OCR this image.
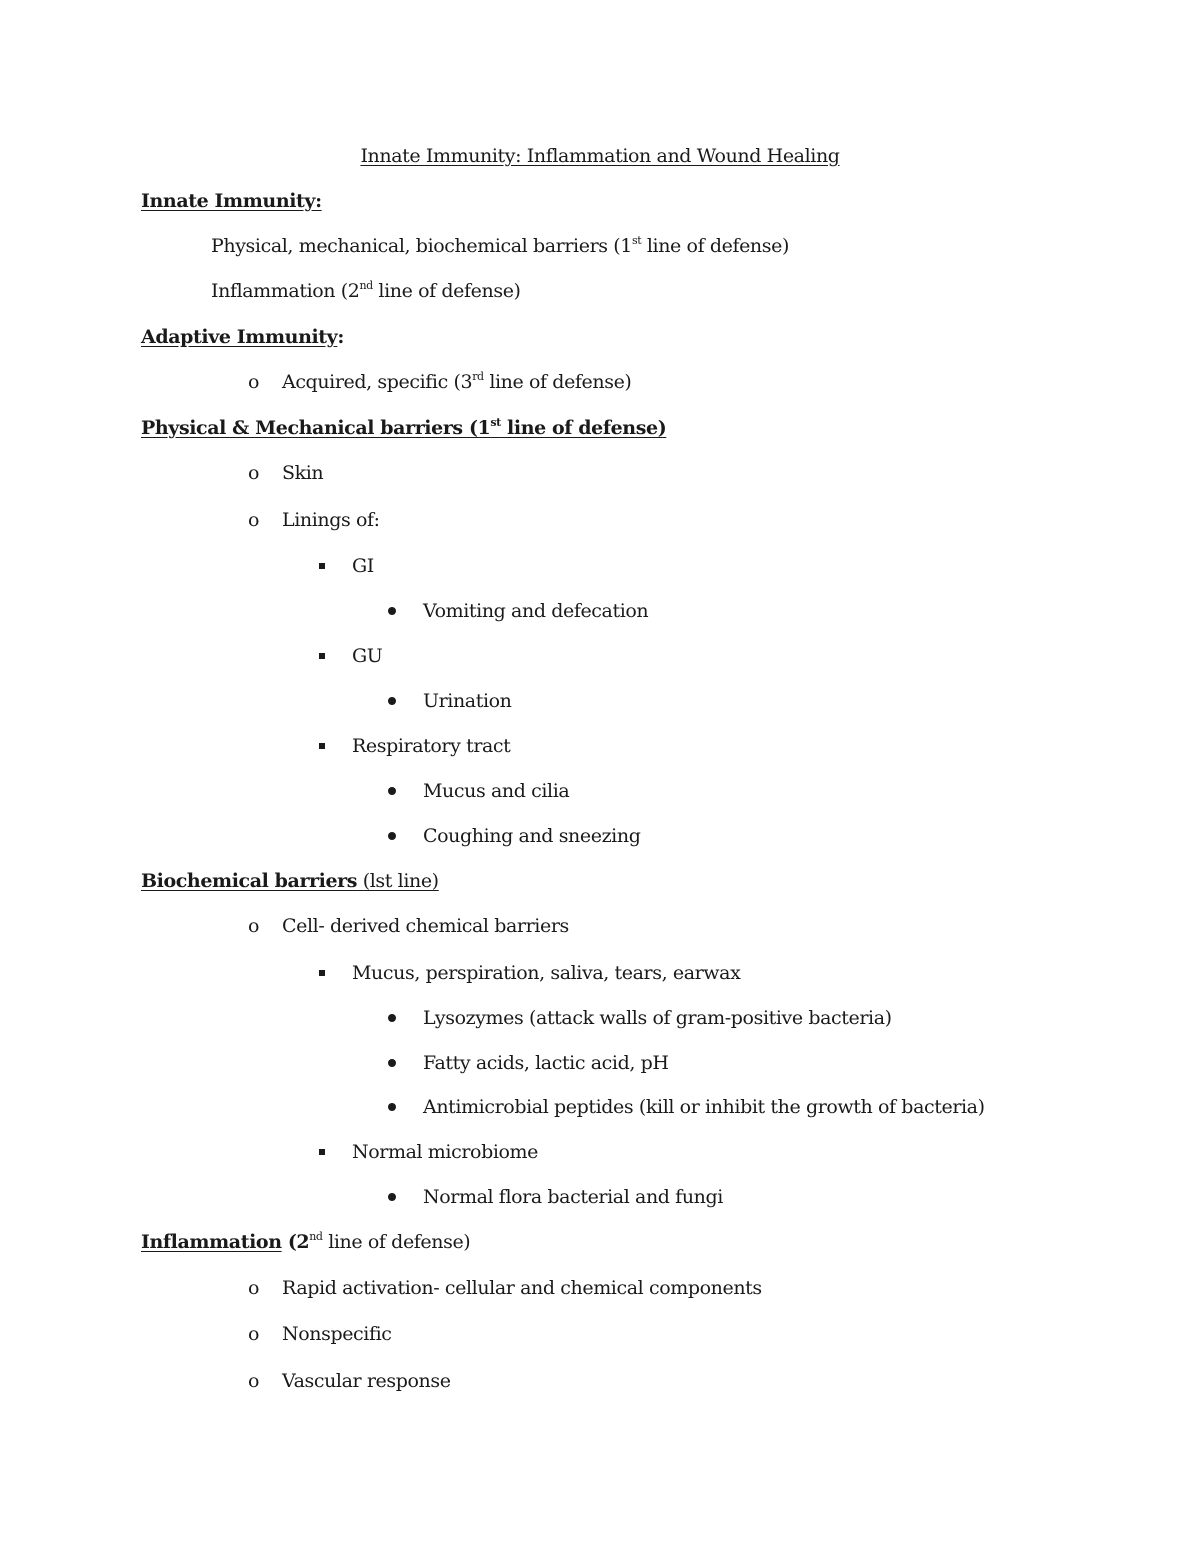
Innate Immunity: Inflammation and Wound Healing
Innate Immunity:
Physical, mechanical, biochemical barriers (1st line of defense)
Inflammation (2nd line of defense)
Adaptive Immunity:
o Acquired, specific (3rd line of defense)
Physical & Mechanical barriers (1st line of defense)
o Skin
o Linings of:
GI
Vomiting and defecation
GU
Urination
Respiratory tract
Mucus and cilia
Coughing and sneezing
Biochemical barriers (lst line)
o Cell- derived chemical barriers
Mucus, perspiration, saliva, tears, earwax
Lysozymes (attack walls of gram-positive bacteria)
Fatty acids, lactic acid, pH
Antimicrobial peptides (kill or inhibit the growth of bacteria)
Normal microbiome
Normal flora bacterial and fungi
Inflammation (2nd line of defense)
o Rapid activation- cellular and chemical components
o Nonspecific
o Vascular response
